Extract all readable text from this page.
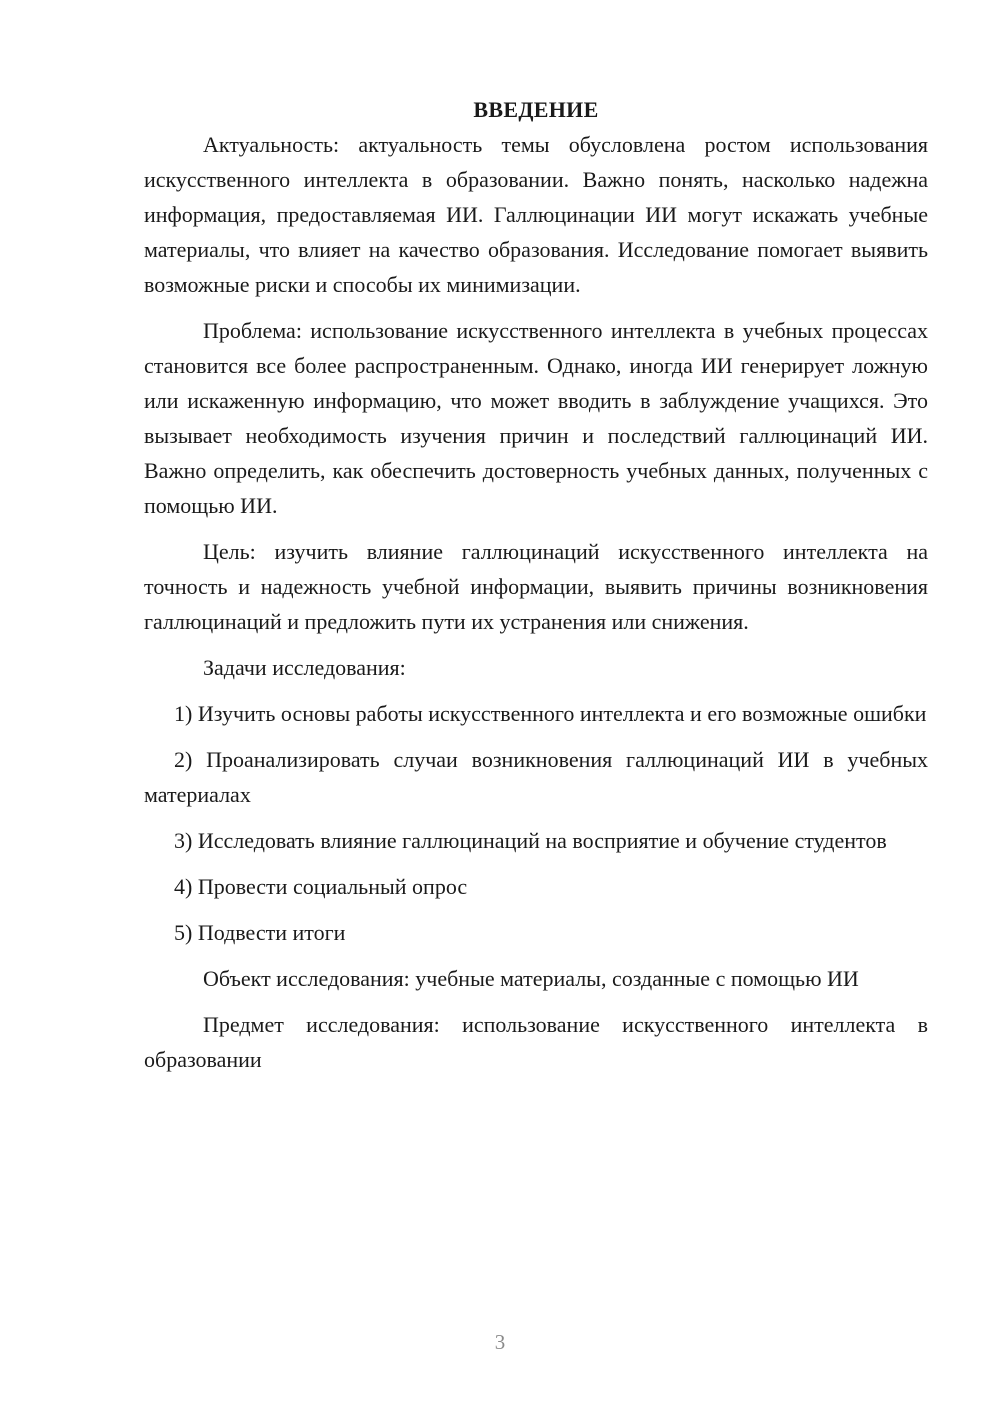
ВВЕДЕНИЕ

Актуальность: актуальность темы обусловлена ростом использования искусственного интеллекта в образовании. Важно понять, насколько надежна информация, предоставляемая ИИ. Галлюцинации ИИ могут искажать учебные материалы, что влияет на качество образования. Исследование помогает выявить возможные риски и способы их минимизации.

Проблема: использование искусственного интеллекта в учебных процессах становится все более распространенным. Однако, иногда ИИ генерирует ложную или искаженную информацию, что может вводить в заблуждение учащихся. Это вызывает необходимость изучения причин и последствий галлюцинаций ИИ. Важно определить, как обеспечить достоверность учебных данных, полученных с помощью ИИ.

Цель: изучить влияние галлюцинаций искусственного интеллекта на точность и надежность учебной информации, выявить причины возникновения галлюцинаций и предложить пути их устранения или снижения.

Задачи исследования:

1) Изучить основы работы искусственного интеллекта и его возможные ошибки

2) Проанализировать случаи возникновения галлюцинаций ИИ в учебных материалах

3) Исследовать влияние галлюцинаций на восприятие и обучение студентов

4) Провести социальный опрос

5) Подвести итоги

Объект исследования: учебные материалы, созданные с помощью ИИ

Предмет исследования: использование искусственного интеллекта в образовании

3
